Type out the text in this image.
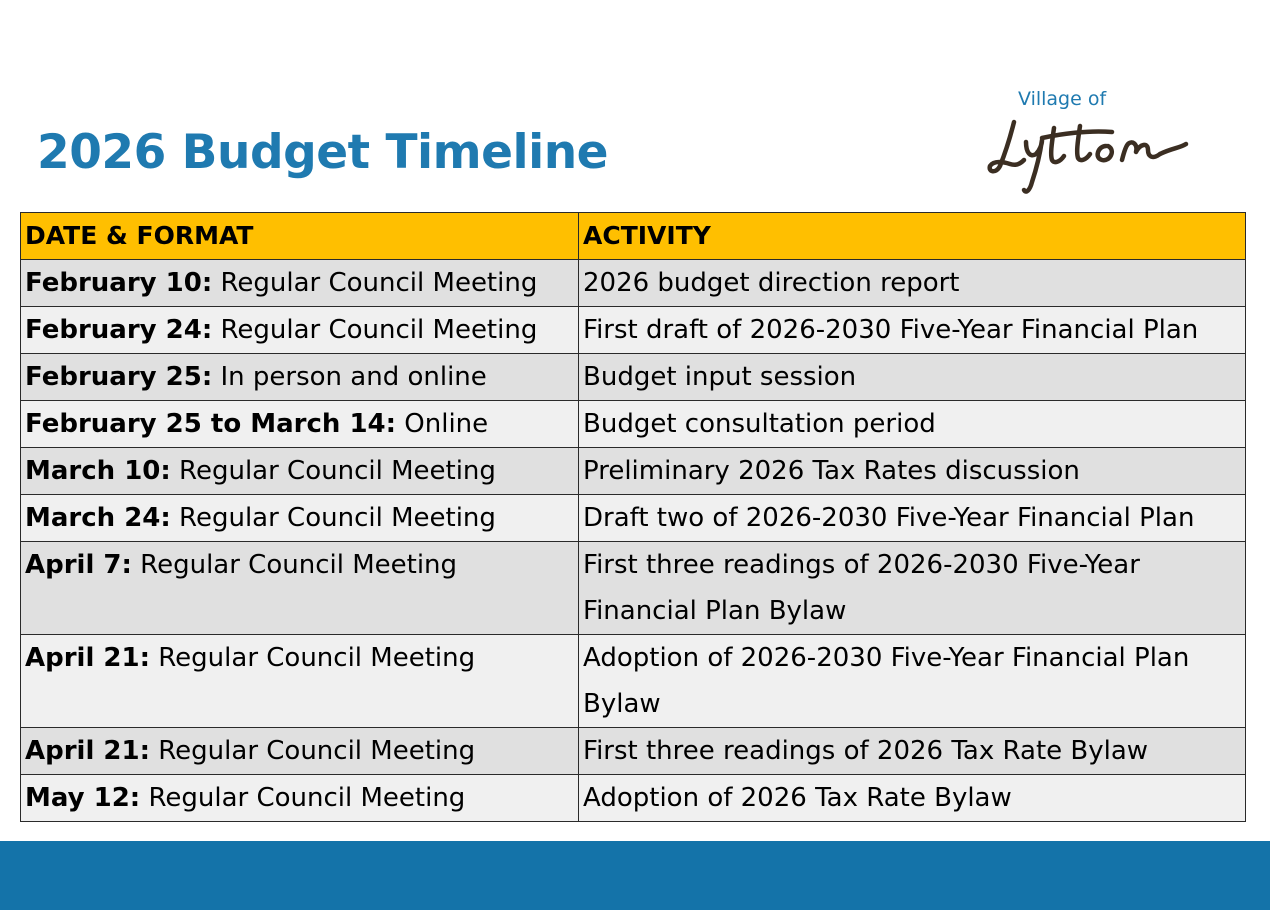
2026 Budget Timeline
Village of
DATE & FORMAT	ACTIVITY
February 10: Regular Council Meeting	2026 budget direction report
February 24: Regular Council Meeting	First draft of 2026-2030 Five-Year Financial Plan
February 25: In person and online	Budget input session
February 25 to March 14: Online	Budget consultation period
March 10: Regular Council Meeting	Preliminary 2026 Tax Rates discussion
March 24: Regular Council Meeting	Draft two of 2026-2030 Five-Year Financial Plan
April 7: Regular Council Meeting	First three readings of 2026-2030 Five-Year Financial Plan Bylaw
April 21: Regular Council Meeting	Adoption of 2026-2030 Five-Year Financial Plan Bylaw
April 21: Regular Council Meeting	First three readings of 2026 Tax Rate Bylaw
May 12: Regular Council Meeting	Adoption of 2026 Tax Rate Bylaw
